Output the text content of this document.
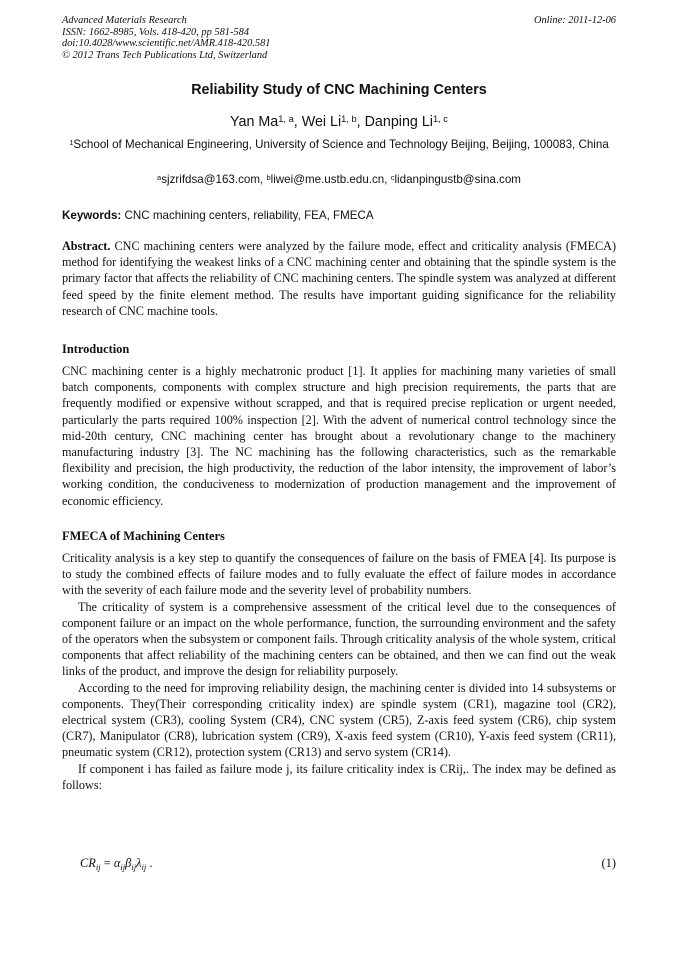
Advanced Materials Research
ISSN: 1662-8985, Vols. 418-420, pp 581-584
doi:10.4028/www.scientific.net/AMR.418-420.581
© 2012 Trans Tech Publications Ltd, Switzerland
Online: 2011-12-06
Reliability Study of CNC Machining Centers
Yan Ma$^{1, a}$, Wei Li$^{1, b}$, Danping Li$^{1, c}$
$^1$School of Mechanical Engineering, University of Science and Technology Beijing, Beijing, 100083, China
$^a$sjzrifdsa@163.com, $^b$liwei@me.ustb.edu.cn, $^c$lidanpingustb@sina.com
Keywords: CNC machining centers, reliability, FEA, FMECA

Abstract. CNC machining centers were analyzed by the failure mode, effect and criticality analysis (FMECA) method for identifying the weakest links of a CNC machining center and obtaining that the spindle system is the primary factor that affects the reliability of CNC machining centers. The spindle system was analyzed at different feed speed by the finite element method. The results have important guiding significance for the reliability research of CNC machine tools.

Introduction

CNC machining center is a highly mechatronic product [1]. It applies for machining many varieties of small batch components, components with complex structure and high precision requirements, the parts that are frequently modified or expensive without scrapped, and that is required precise replication or urgent needed, particularly the parts required 100% inspection [2]. With the advent of numerical control technology since the mid-20th century, CNC machining center has brought about a revolutionary change to the machinery manufacturing industry [3]. The NC machining has the following characteristics, such as the remarkable flexibility and precision, the high productivity, the reduction of the labor intensity, the improvement of labor’s working condition, the conduciveness to modernization of production management and the improvement of economic efficiency.

FMECA of Machining Centers

Criticality analysis is a key step to quantify the consequences of failure on the basis of FMEA [4]. Its purpose is to study the combined effects of failure modes and to fully evaluate the effect of failure modes in accordance with the severity of each failure mode and the severity level of probability numbers.

The criticality of system is a comprehensive assessment of the critical level due to the consequences of component failure or an impact on the whole performance, function, the surrounding environment and the safety of the operators when the subsystem or component fails. Through criticality analysis of the whole system, critical components that affect reliability of the machining centers can be obtained, and then we can find out the weak links of the product, and improve the design for reliability purposely.

According to the need for improving reliability design, the machining center is divided into 14 subsystems or components. They(Their corresponding criticality index) are spindle system (CR1), magazine tool (CR2), electrical system (CR3), cooling System (CR4), CNC system (CR5), Z-axis feed system (CR6), chip system (CR7), Manipulator (CR8), lubrication system (CR9), X-axis feed system (CR10), Y-axis feed system (CR11), pneumatic system (CR12), protection system (CR13) and servo system (CR14).

If component i has failed as failure mode j, its failure criticality index is CRij,. The index may be defined as follows:

$CR_{ij} = \alpha_{ij}\beta_{ij}\lambda_{ij}$ .	(1)
